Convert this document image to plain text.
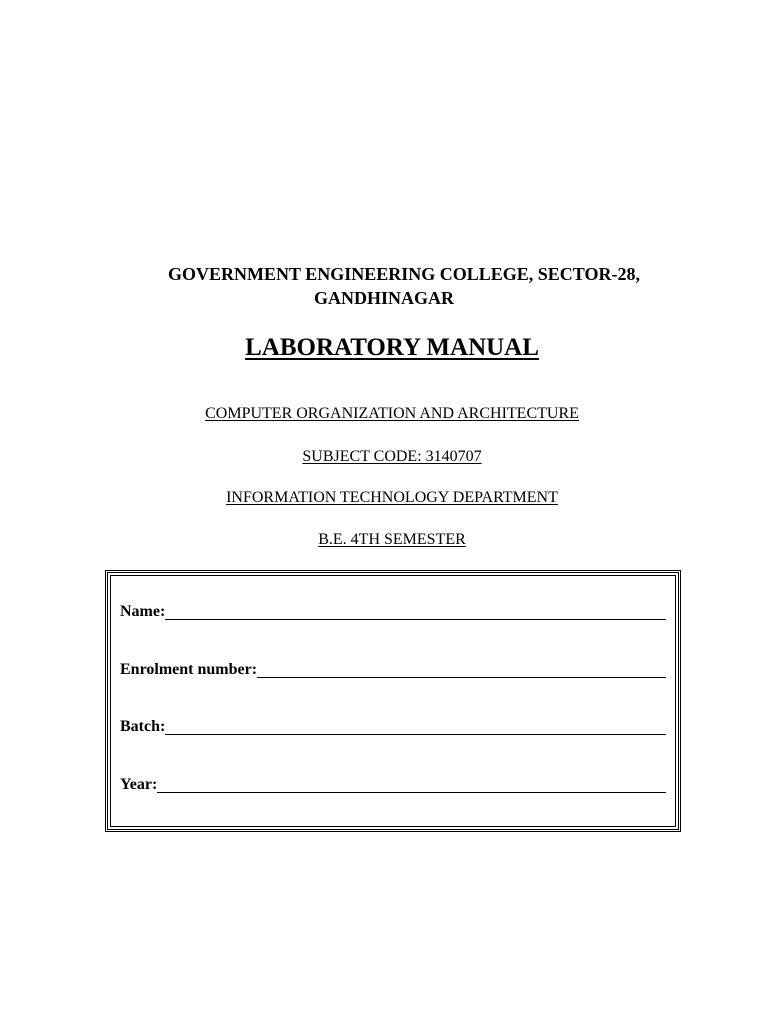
GOVERNMENT ENGINEERING COLLEGE, SECTOR-28,

GANDHINAGAR

LABORATORY MANUAL

COMPUTER ORGANIZATION AND ARCHITECTURE

SUBJECT CODE: 3140707

INFORMATION TECHNOLOGY DEPARTMENT

B.E. 4TH SEMESTER

Name:
Enrolment number:
Batch:
Year:
